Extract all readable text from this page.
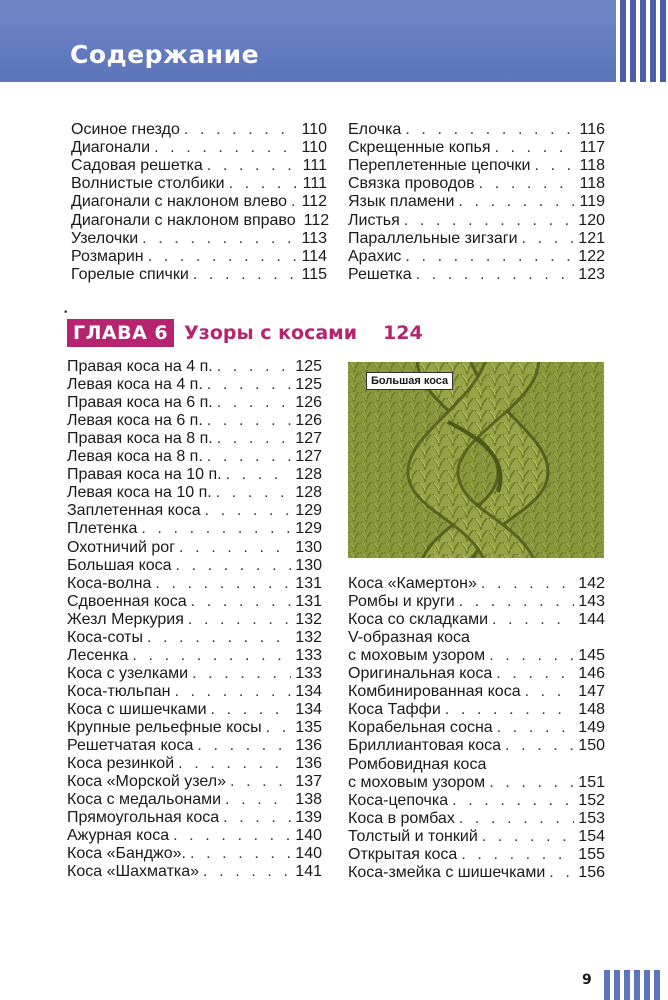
Содержание
Осиное гнездо . . .	110
Диагонали . . .	110
Садовая решетка . . .	111
Волнистые столбики . . .	111
Диагонали с наклоном влево . . . 112
Диагонали с наклоном вправо 112
Узелочки . . .	113
Розмарин . . .	114
Горелые спички . . .	115
Елочка . . .	116
Скрещенные копья . . .	117
Переплетенные цепочки . . .	118
Связка проводов . . .	118
Язык пламени . . .	119
Листья . . .	120
Параллельные зигзаги . . .	121
Арахис . . .	122
Решетка . . .	123
•
ГЛАВА 6 Узоры с косами 124
Правая коса на 4 п. . . .	125
Левая коса на 4 п. . . .	125
Правая коса на 6 п. . . .	126
Левая коса на 6 п. . . .	126
Правая коса на 8 п. . . .	127
Левая коса на 8 п. . . .	127
Правая коса на 10 п. . . .	128
Левая коса на 10 п. . . .	128
Заплетенная коса . . .	129
Плетенка . . .	129
Охотничий рог . . .	130
Большая коса . . .	130
Коса-волна . . .	131
Сдвоенная коса . . .	131
Жезл Меркурия . . .	132
Коса-соты . . .	132
Лесенка . . .	133
Коса с узелками . . .	133
Коса-тюльпан . . .	134
Коса с шишечками . . .	134
Крупные рельефные косы . . . 135
Решетчатая коса . . .	136
Коса резинкой . . .	136
Коса «Морской узел» . . .	137
Коса с медальонами . . .	138
Прямоугольная коса . . .	139
Ажурная коса . . .	140
Коса «Банджо». . . .	140
Коса «Шахматка» . . .	141
Большая коса
Коса «Камертон» . . .	142
Ромбы и круги . . .	143
Коса со складками . . .	144
V-образная коса
с моховым узором . . .	145
Оригинальная коса . . .	146
Комбинированная коса . . .	147
Коса Таффи . . .	148
Корабельная сосна . . .	149
Бриллиантовая коса . . .	150
Ромбовидная коса
с моховым узором . . .	151
Коса-цепочка . . .	152
Коса в ромбах . . .	153
Толстый и тонкий . . .	154
Открытая коса . . .	155
Коса-змейка с шишечками . . . 156
9
